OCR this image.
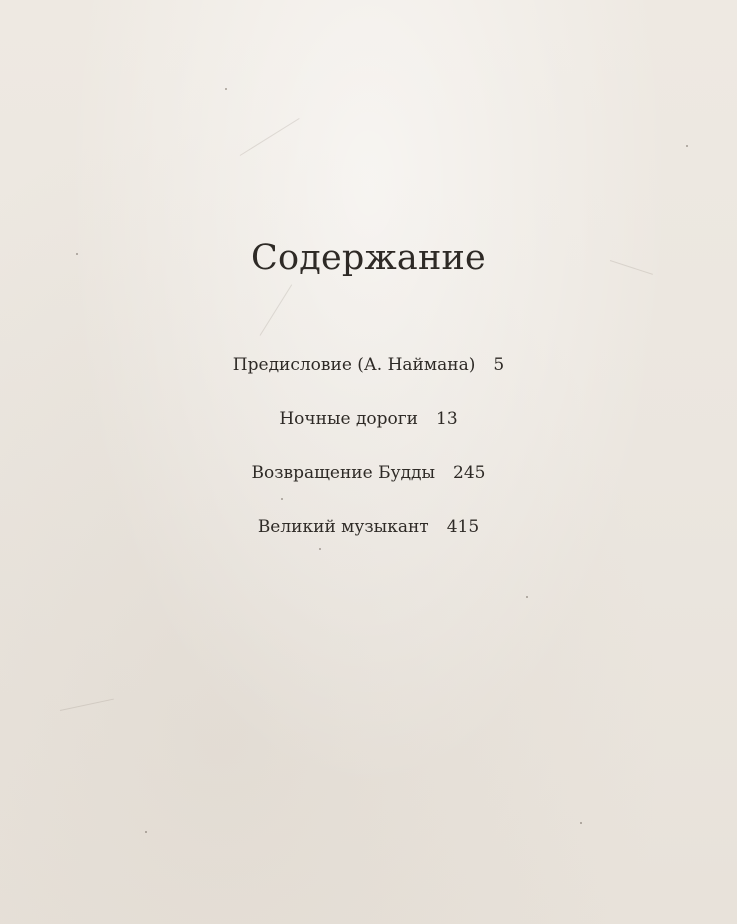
Содержание
Предисловие (А. Наймана) 5
Ночные дороги 13
Возвращение Будды 245
Великий музыкант 415
